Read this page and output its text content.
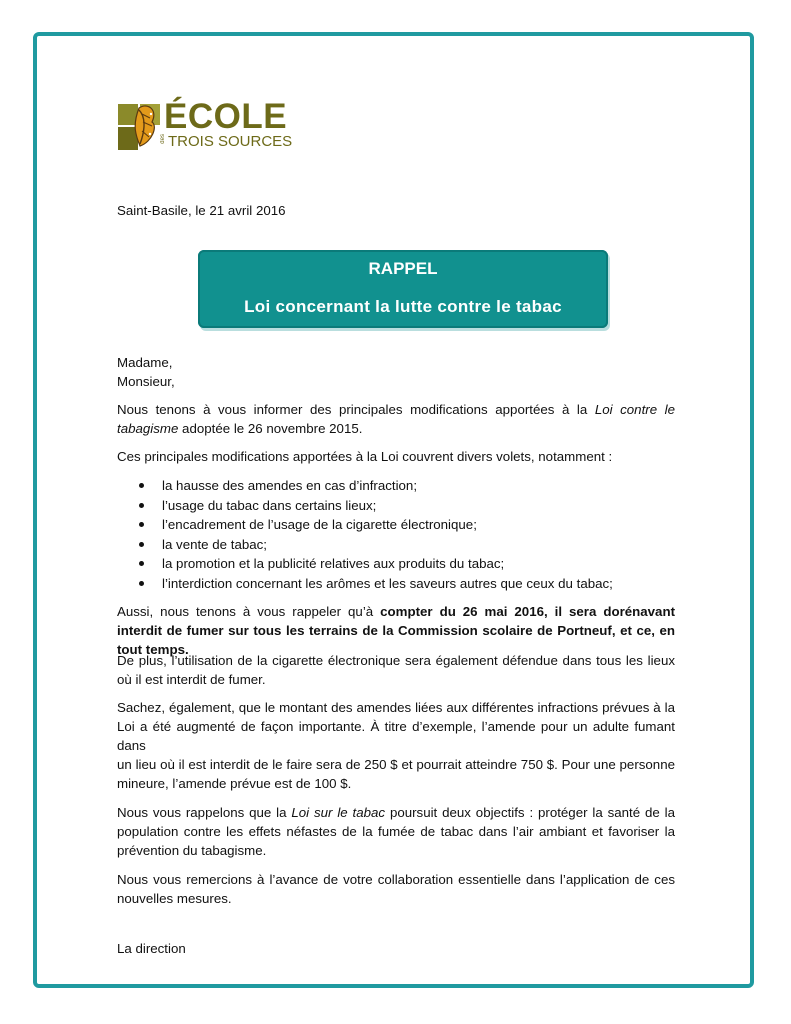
ÉCOLE
des TROIS SOURCES
Saint-Basile, le 21 avril 2016
RAPPEL
Loi concernant la lutte contre le tabac
Madame,
Monsieur,
Nous tenons à vous informer des principales modifications apportées à la Loi contre le tabagisme adoptée le 26 novembre 2015.
Ces principales modifications apportées à la Loi couvrent divers volets, notamment :
la hausse des amendes en cas d’infraction;
l’usage du tabac dans certains lieux;
l’encadrement de l’usage de la cigarette électronique;
la vente de tabac;
la promotion et la publicité relatives aux produits du tabac;
l’interdiction concernant les arômes et les saveurs autres que ceux du tabac;
Aussi, nous tenons à vous rappeler qu’à compter du 26 mai 2016, il sera dorénavant interdit de fumer sur tous les terrains de la Commission scolaire de Portneuf, et ce, en tout temps.
De plus, l’utilisation de la cigarette électronique sera également défendue dans tous les lieux où il est interdit de fumer.
Sachez, également, que le montant des amendes liées aux différentes infractions prévues à la Loi a été augmenté de façon importante. À titre d’exemple, l’amende pour un adulte fumant dans
un lieu où il est interdit de le faire sera de 250 $ et pourrait atteindre 750 $. Pour une personne mineure, l’amende prévue est de 100 $.
Nous vous rappelons que la Loi sur le tabac poursuit deux objectifs : protéger la santé de la population contre les effets néfastes de la fumée de tabac dans l’air ambiant et favoriser la prévention du tabagisme.
Nous vous remercions à l’avance de votre collaboration essentielle dans l’application de ces nouvelles mesures.
La direction
